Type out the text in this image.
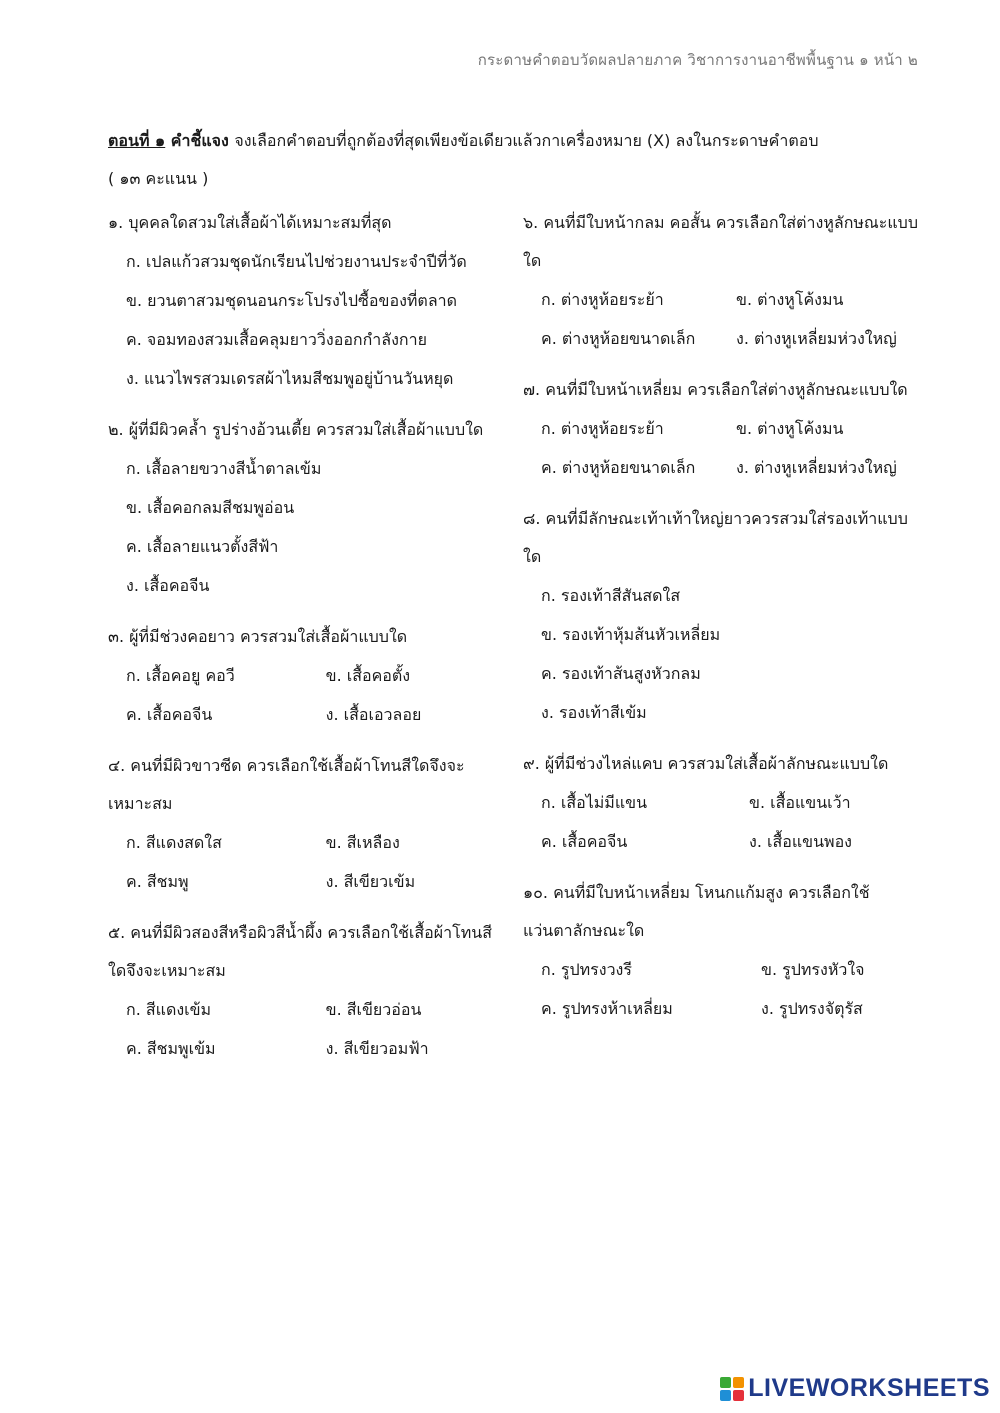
กระดาษคำตอบวัดผลปลายภาค วิชาการงานอาชีพพื้นฐาน ๑ หน้า ๒
ตอนที่ ๑ คำชี้แจง จงเลือกคำตอบที่ถูกต้องที่สุดเพียงข้อเดียวแล้วกาเครื่องหมาย (X) ลงในกระดาษคำตอบ
( ๑๓ คะแนน )
๑. บุคคลใดสวมใส่เสื้อผ้าได้เหมาะสมที่สุด
ก. เปลแก้วสวมชุดนักเรียนไปช่วยงานประจำปีที่วัด
ข. ยวนตาสวมชุดนอนกระโปรงไปซื้อของที่ตลาด
ค. จอมทองสวมเสื้อคลุมยาววิ่งออกกำลังกาย
ง. แนวไพรสวมเดรสผ้าไหมสีชมพูอยู่บ้านวันหยุด
๒. ผู้ที่มีผิวคล้ำ รูปร่างอ้วนเตี้ย ควรสวมใส่เสื้อผ้าแบบใด
ก. เสื้อลายขวางสีน้ำตาลเข้ม
ข. เสื้อคอกลมสีชมพูอ่อน
ค. เสื้อลายแนวตั้งสีฟ้า
ง. เสื้อคอจีน
๓. ผู้ที่มีช่วงคอยาว ควรสวมใส่เสื้อผ้าแบบใด
ก. เสื้อคอยู คอวี	ข. เสื้อคอตั้ง
ค. เสื้อคอจีน	ง. เสื้อเอวลอย
๔. คนที่มีผิวขาวซีด ควรเลือกใช้เสื้อผ้าโทนสีใดจึงจะเหมาะสม
ก. สีแดงสดใส	ข. สีเหลือง
ค. สีชมพู	ง. สีเขียวเข้ม
๕. คนที่มีผิวสองสีหรือผิวสีน้ำผึ้ง ควรเลือกใช้เสื้อผ้าโทนสีใดจึงจะเหมาะสม
ก. สีแดงเข้ม	ข. สีเขียวอ่อน
ค. สีชมพูเข้ม	ง. สีเขียวอมฟ้า
๖. คนที่มีใบหน้ากลม คอสั้น ควรเลือกใส่ต่างหูลักษณะแบบใด
ก. ต่างหูห้อยระย้า	ข. ต่างหูโค้งมน
ค. ต่างหูห้อยขนาดเล็ก	ง. ต่างหูเหลี่ยมห่วงใหญ่
๗. คนที่มีใบหน้าเหลี่ยม ควรเลือกใส่ต่างหูลักษณะแบบใด
ก. ต่างหูห้อยระย้า	ข. ต่างหูโค้งมน
ค. ต่างหูห้อยขนาดเล็ก	ง. ต่างหูเหลี่ยมห่วงใหญ่
๘. คนที่มีลักษณะเท้าเท้าใหญ่ยาวควรสวมใส่รองเท้าแบบใด
ก. รองเท้าสีสันสดใส
ข. รองเท้าหุ้มส้นหัวเหลี่ยม
ค. รองเท้าส้นสูงหัวกลม
ง. รองเท้าสีเข้ม
๙. ผู้ที่มีช่วงไหล่แคบ ควรสวมใส่เสื้อผ้าลักษณะแบบใด
ก. เสื้อไม่มีแขน	ข. เสื้อแขนเว้า
ค. เสื้อคอจีน	ง. เสื้อแขนพอง
๑๐. คนที่มีใบหน้าเหลี่ยม โหนกแก้มสูง ควรเลือกใช้แว่นตาลักษณะใด
ก. รูปทรงวงรี	ข. รูปทรงหัวใจ
ค. รูปทรงห้าเหลี่ยม	ง. รูปทรงจัตุรัส
LIVEWORKSHEETS
